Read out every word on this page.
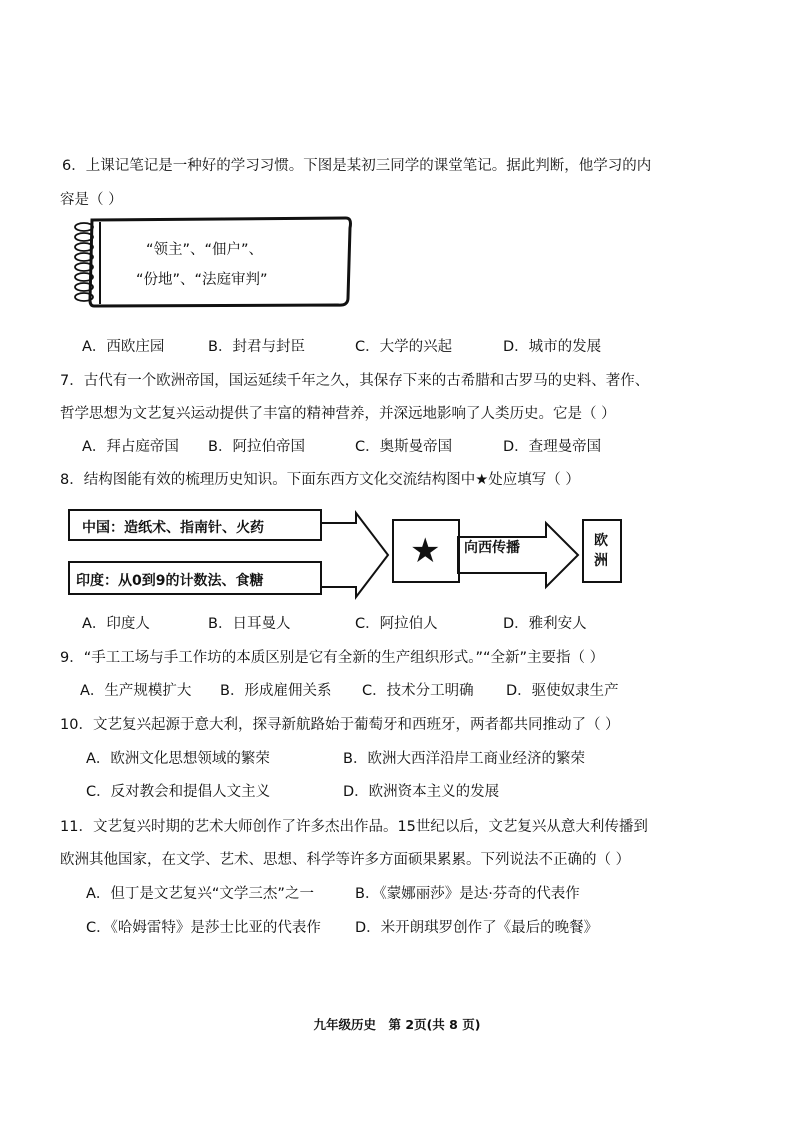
6．上课记笔记是一种好的学习习惯。下图是某初三同学的课堂笔记。据此判断，他学习的内
容是（ ）
“领主”、“佃户”、
“份地”、“法庭审判”
A．西欧庄园	B．封君与封臣	C．大学的兴起	D．城市的发展
7．古代有一个欧洲帝国，国运延续千年之久，其保存下来的古希腊和古罗马的史料、著作、
哲学思想为文艺复兴运动提供了丰富的精神营养，并深远地影响了人类历史。它是（ ）
A．拜占庭帝国 B．阿拉伯帝国	C．奥斯曼帝国	D．查理曼帝国
8．结构图能有效的梳理历史知识。下面东西方文化交流结构图中★处应填写（ ）
中国：造纸术、指南针、火药
印度：从0到9的计数法、食糖
★ 向西传播	欧洲
A．印度人	B．日耳曼人	C．阿拉伯人	D．雅利安人
9．“手工工场与手工作坊的本质区别是它有全新的生产组织形式。”“全新”主要指（ ）
A．生产规模扩大 B．形成雇佣关系 C．技术分工明确 D．驱使奴隶生产
10．文艺复兴起源于意大利，探寻新航路始于葡萄牙和西班牙，两者都共同推动了（ ）
A．欧洲文化思想领域的繁荣	B．欧洲大西洋沿岸工商业经济的繁荣
C．反对教会和提倡人文主义	D．欧洲资本主义的发展
11．文艺复兴时期的艺术大师创作了许多杰出作品。15世纪以后，文艺复兴从意大利传播到
欧洲其他国家，在文学、艺术、思想、科学等许多方面硕果累累。下列说法不正确的（ ）
A．但丁是文艺复兴“文学三杰”之一	B．《蒙娜丽莎》是达·芬奇的代表作
C．《哈姆雷特》是莎士比亚的代表作 D．米开朗琪罗创作了《最后的晚餐》
九年级历史　第 2页(共 8 页)
